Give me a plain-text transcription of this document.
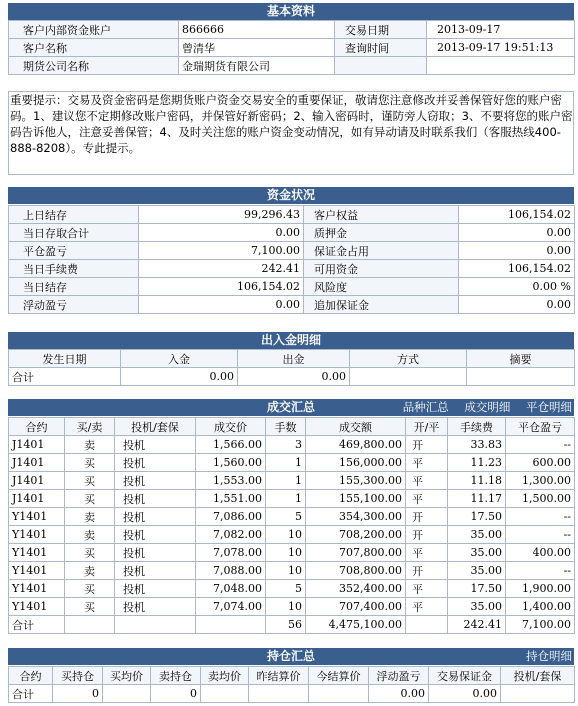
基本资料
客户内部资金账户	866666	交易日期	2013-09-17
客户名称	曾清华	查询时间	2013-09-17 19:51:13
期货公司名称	金瑞期货有限公司		
重要提示：交易及资金密码是您期货账户资金交易安全的重要保证，敬请您注意修改并妥善保管好您的账户密码。1、建议您不定期修改账户密码，并保管好新密码；2、输入密码时，谨防旁人窃取；3、不要将您的账户密码告诉他人，注意妥善保管；4、及时关注您的账户资金变动情况，如有异动请及时联系我们（客服热线400-888-8208）。专此提示。
资金状况
上日结存	99,296.43	客户权益	106,154.02
当日存取合计	0.00	质押金	0.00
平仓盈亏	7,100.00	保证金占用	0.00
当日手续费	242.41	可用资金	106,154.02
当日结存	106,154.02	风险度	0.00 %
浮动盈亏	0.00	追加保证金	0.00
出入金明细
发生日期	入金	出金	方式	摘要
合计	0.00	0.00		
成交汇总	品种汇总 成交明细 平仓明细
合约	买/卖	投机/套保	成交价	手数	成交额	开/平	手续费	平仓盈亏
J1401	卖	投机	1,566.00	3	469,800.00	开	33.83	--
J1401	买	投机	1,560.00	1	156,000.00	平	11.23	600.00
J1401	买	投机	1,553.00	1	155,300.00	平	11.18	1,300.00
J1401	买	投机	1,551.00	1	155,100.00	平	11.17	1,500.00
Y1401	卖	投机	7,086.00	5	354,300.00	开	17.50	--
Y1401	卖	投机	7,082.00	10	708,200.00	开	35.00	--
Y1401	买	投机	7,078.00	10	707,800.00	平	35.00	400.00
Y1401	卖	投机	7,088.00	10	708,800.00	开	35.00	--
Y1401	买	投机	7,048.00	5	352,400.00	平	17.50	1,900.00
Y1401	买	投机	7,074.00	10	707,400.00	平	35.00	1,400.00
合计				56	4,475,100.00		242.41	7,100.00
持仓汇总	持仓明细
合约	买持仓	买均价	卖持仓	卖均价	昨结算价	今结算价	浮动盈亏	交易保证金	投机/套保
合计	0		0				0.00	0.00	
